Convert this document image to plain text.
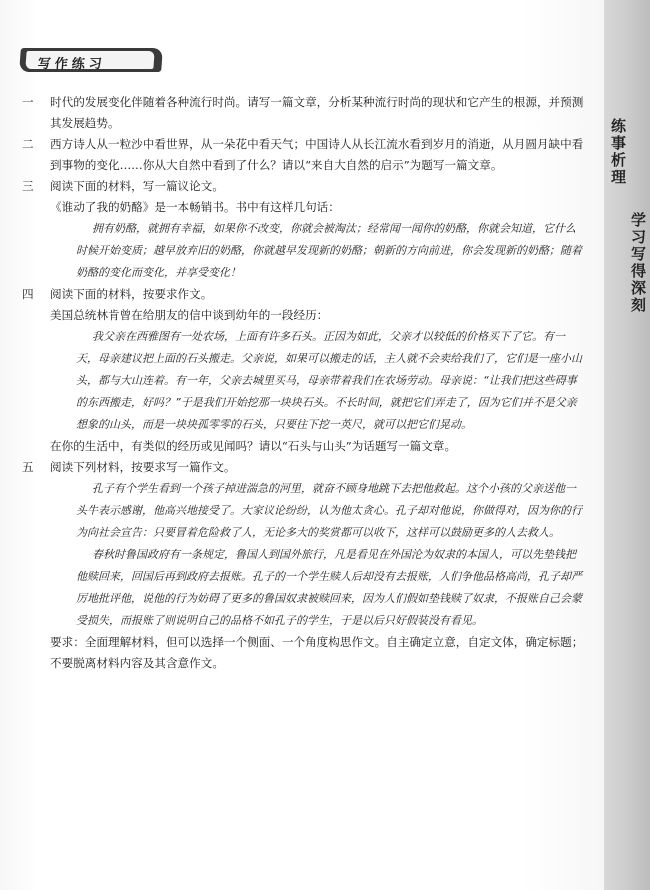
练事析理
学习写得深刻
写作练习
一	时代的发展变化伴随着各种流行时尚。请写一篇文章，分析某种流行时尚的现状和它产生的根源，并预测其发展趋势。

二	西方诗人从一粒沙中看世界，从一朵花中看天气；中国诗人从长江流水看到岁月的消逝，从月圆月缺中看到事物的变化……你从大自然中看到了什么？请以“来自大自然的启示”为题写一篇文章。

三	阅读下面的材料，写一篇议论文。

《谁动了我的奶酪》是一本畅销书。书中有这样几句话：

拥有奶酪，就拥有幸福，如果你不改变，你就会被淘汰；经常闻一闻你的奶酪，你就会知道，它什么时候开始变质；越早放弃旧的奶酪，你就越早发现新的奶酪；朝新的方向前进，你会发现新的奶酪；随着奶酪的变化而变化，并享受变化！

四	阅读下面的材料，按要求作文。

美国总统林肯曾在给朋友的信中谈到幼年的一段经历：

我父亲在西雅图有一处农场，上面有许多石头。正因为如此，父亲才以较低的价格买下了它。有一天，母亲建议把上面的石头搬走。父亲说，如果可以搬走的话，主人就不会卖给我们了，它们是一座小山头，都与大山连着。有一年，父亲去城里买马，母亲带着我们在农场劳动。母亲说：“让我们把这些碍事的东西搬走，好吗？”于是我们开始挖那一块块石头。不长时间，就把它们弄走了，因为它们并不是父亲想象的山头，而是一块块孤零零的石头，只要往下挖一英尺，就可以把它们晃动。

在你的生活中，有类似的经历或见闻吗？请以“石头与山头”为话题写一篇文章。

五	阅读下列材料，按要求写一篇作文。

孔子有个学生看到一个孩子掉进湍急的河里，就奋不顾身地跳下去把他救起。这个小孩的父亲送他一头牛表示感谢，他高兴地接受了。大家议论纷纷，认为他太贪心。孔子却对他说，你做得对，因为你的行为向社会宣告：只要冒着危险救了人，无论多大的奖赏都可以收下，这样可以鼓励更多的人去救人。

春秋时鲁国政府有一条规定，鲁国人到国外旅行，凡是看见在外国沦为奴隶的本国人，可以先垫钱把他赎回来，回国后再到政府去报账。孔子的一个学生赎人后却没有去报账，人们争他品格高尚，孔子却严厉地批评他，说他的行为妨碍了更多的鲁国奴隶被赎回来，因为人们假如垫钱赎了奴隶，不报账自己会蒙受损失，而报账了则说明自己的品格不如孔子的学生，于是以后只好假装没有看见。

要求：全面理解材料，但可以选择一个侧面、一个角度构思作文。自主确定立意，自定文体，确定标题；不要脱离材料内容及其含意作文。
